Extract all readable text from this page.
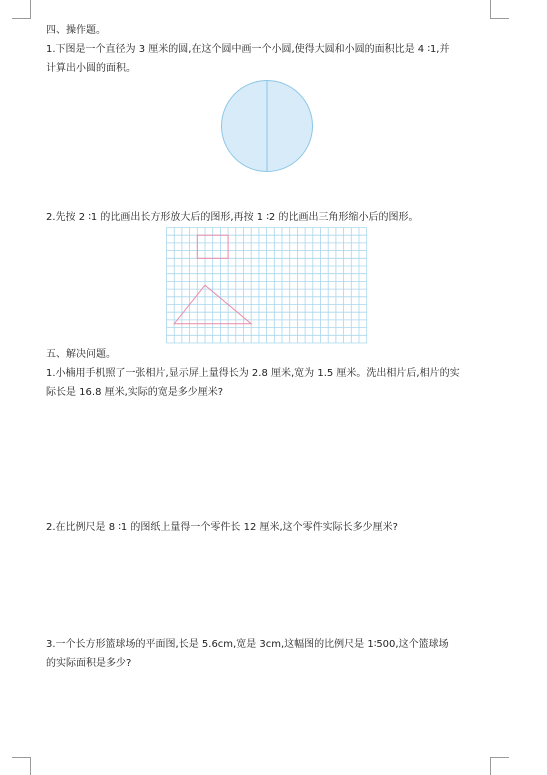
四、操作题。
1.下图是一个直径为 3 厘米的圆,在这个圆中画一个小圆,使得大圆和小圆的面积比是 4 ∶1,并
计算出小圆的面积。
2.先按 2 ∶1 的比画出长方形放大后的图形,再按 1 ∶2 的比画出三角形缩小后的图形。
五、解决问题。
1.小楠用手机照了一张相片,显示屏上量得长为 2.8 厘米,宽为 1.5 厘米。洗出相片后,相片的实
际长是 16.8 厘米,实际的宽是多少厘米?
2.在比例尺是 8 ∶1 的图纸上量得一个零件长 12 厘米,这个零件实际长多少厘米?
3.一个长方形篮球场的平面图,长是 5.6cm,宽是 3cm,这幅图的比例尺是 1∶500,这个篮球场
的实际面积是多少?
